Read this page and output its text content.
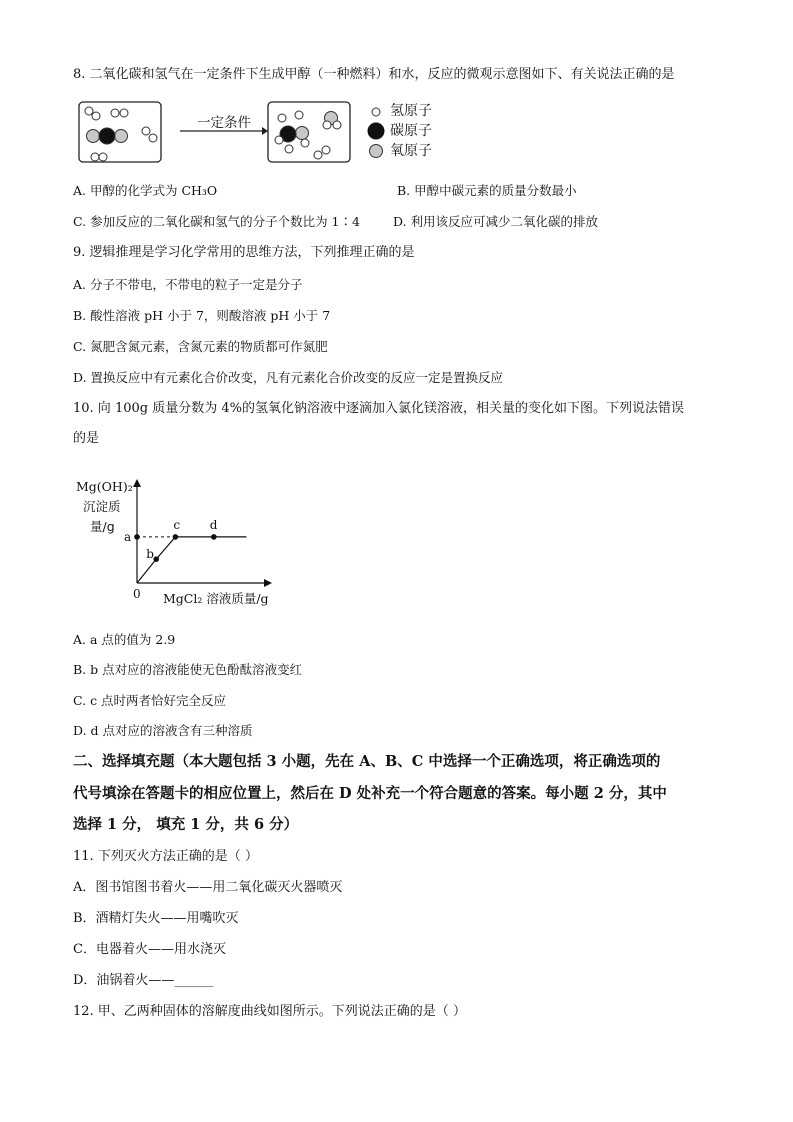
8. 二氧化碳和氢气在一定条件下生成甲醇（一种燃料）和水，反应的微观示意图如下、有关说法正确的是
一定条件
氢原子
碳原子
氧原子
A. 甲醇的化学式为 CH₃O	B. 甲醇中碳元素的质量分数最小
C. 参加反应的二氧化碳和氢气的分子个数比为 1∶4	D. 利用该反应可减少二氧化碳的排放
9. 逻辑推理是学习化学常用的思维方法，下列推理正确的是
A. 分子不带电，不带电的粒子一定是分子
B. 酸性溶液 pH 小于 7，则酸溶液 pH 小于 7
C. 氮肥含氮元素，含氮元素的物质都可作氮肥
D. 置换反应中有元素化合价改变，凡有元素化合价改变的反应一定是置换反应
10. 向 100g 质量分数为 4%的氢氧化钠溶液中逐滴加入氯化镁溶液，相关量的变化如下图。下列说法错误
的是
a
b
c d
Mg(OH)₂
沉淀质
量/g
0 MgCl₂ 溶液质量/g
A. a 点的值为 2.9
B. b 点对应的溶液能使无色酚酞溶液变红
C. c 点时两者恰好完全反应
D. d 点对应的溶液含有三种溶质
二、选择填充题（本大题包括 3 小题，先在 A、B、C 中选择一个正确选项，将正确选项的
代号填涂在答题卡的相应位置上，然后在 D 处补充一个符合题意的答案。每小题 2 分，其中
选择 1 分， 填充 1 分，共 6 分）
11. 下列灭火方法正确的是（ ）
A．图书馆图书着火——用二氧化碳灭火器喷灭
B．酒精灯失火——用嘴吹灭
C．电器着火——用水浇灭
D．油锅着火——______
12. 甲、乙两种固体的溶解度曲线如图所示。下列说法正确的是（ ）
